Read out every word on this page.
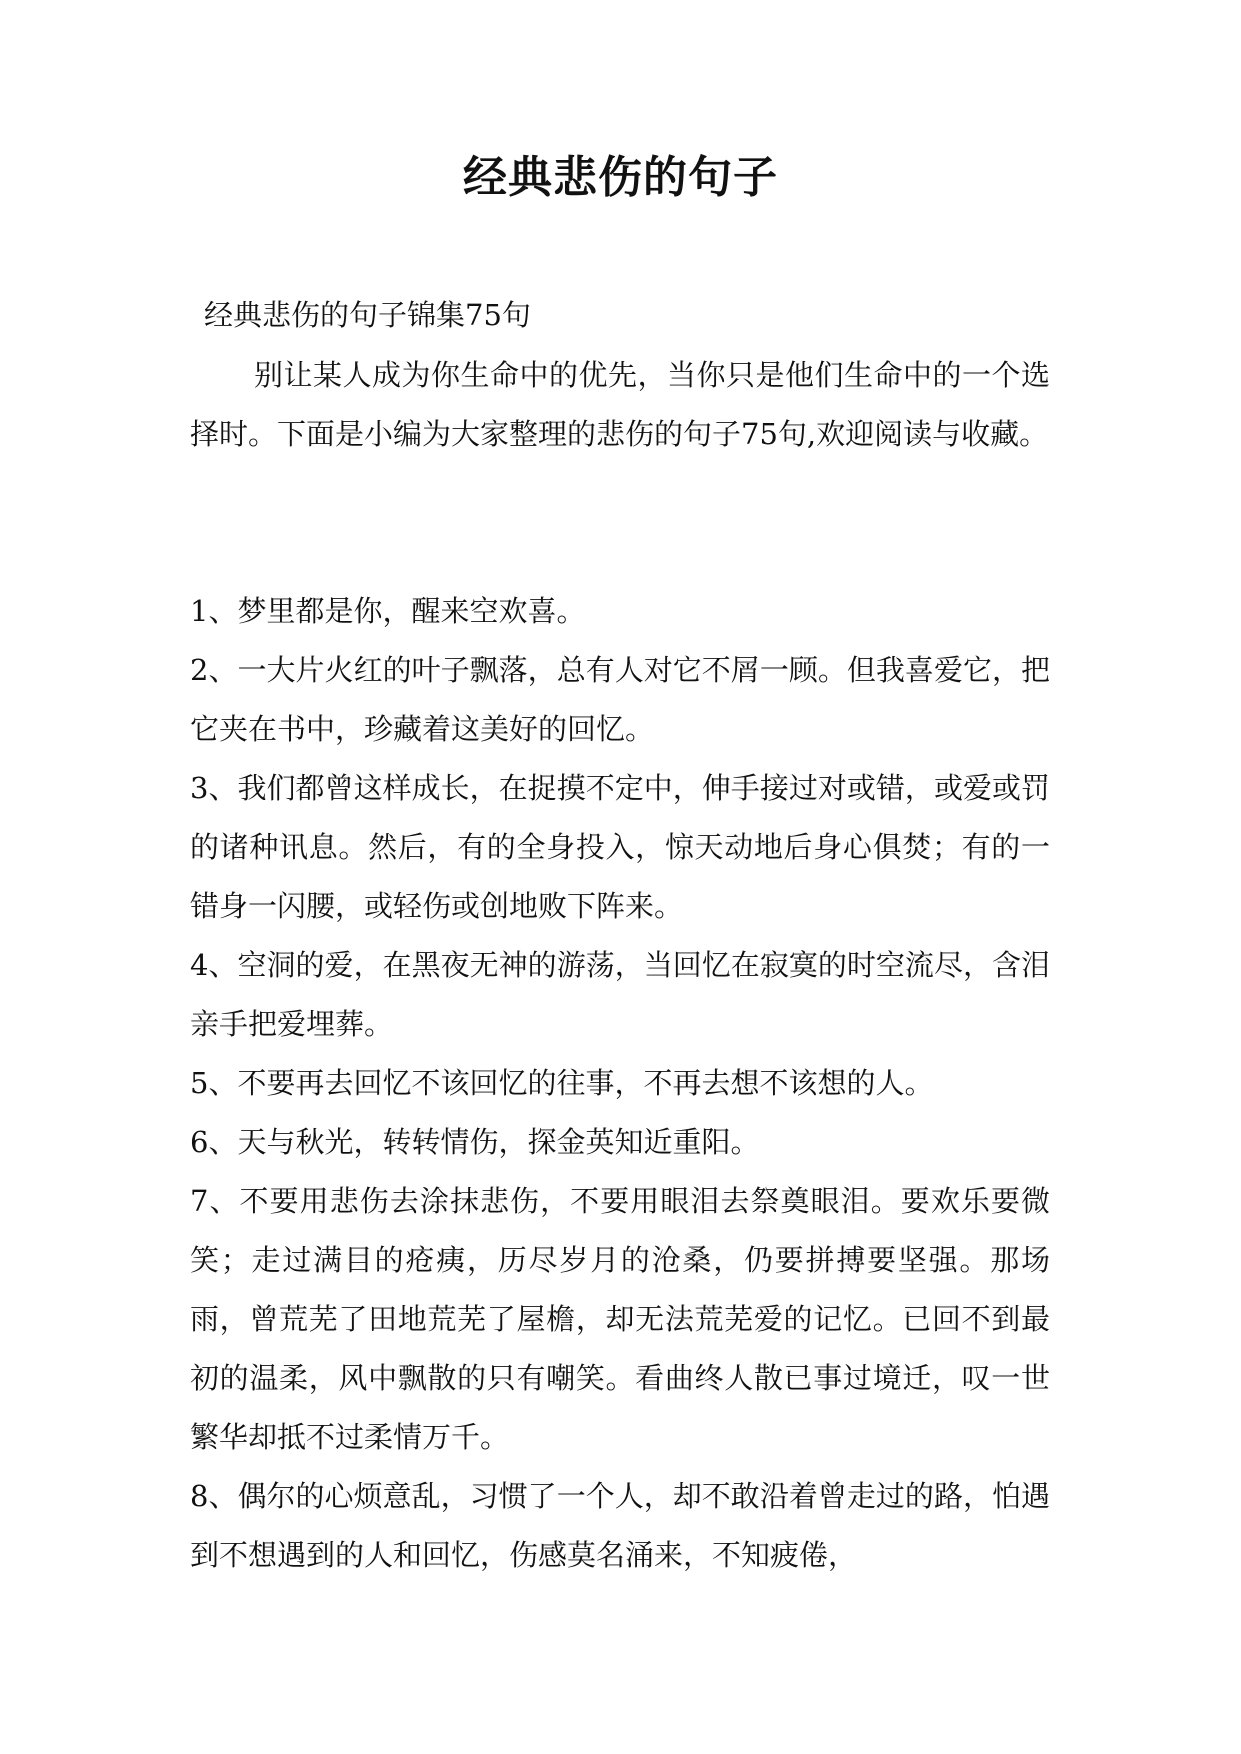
经典悲伤的句子
经典悲伤的句子锦集75句

别让某人成为你生命中的优先，当你只是他们生命中的一个选择时。下面是小编为大家整理的悲伤的句子75句,欢迎阅读与收藏。

1、梦里都是你，醒来空欢喜。

2、一大片火红的叶子飘落，总有人对它不屑一顾。但我喜爱它，把它夹在书中，珍藏着这美好的回忆。

3、我们都曾这样成长，在捉摸不定中，伸手接过对或错，或爱或罚的诸种讯息。然后，有的全身投入，惊天动地后身心俱焚；有的一错身一闪腰，或轻伤或创地败下阵来。

4、空洞的爱，在黑夜无神的游荡，当回忆在寂寞的时空流尽，含泪亲手把爱埋葬。

5、不要再去回忆不该回忆的往事，不再去想不该想的人。

6、天与秋光，转转情伤，探金英知近重阳。

7、不要用悲伤去涂抹悲伤，不要用眼泪去祭奠眼泪。要欢乐要微笑；走过满目的疮痍，历尽岁月的沧桑，仍要拼搏要坚强。那场雨，曾荒芜了田地荒芜了屋檐，却无法荒芜爱的记忆。已回不到最初的温柔，风中飘散的只有嘲笑。看曲终人散已事过境迁，叹一世繁华却抵不过柔情万千。

8、偶尔的心烦意乱，习惯了一个人，却不敢沿着曾走过的路，怕遇到不想遇到的人和回忆，伤感莫名涌来，不知疲倦，
